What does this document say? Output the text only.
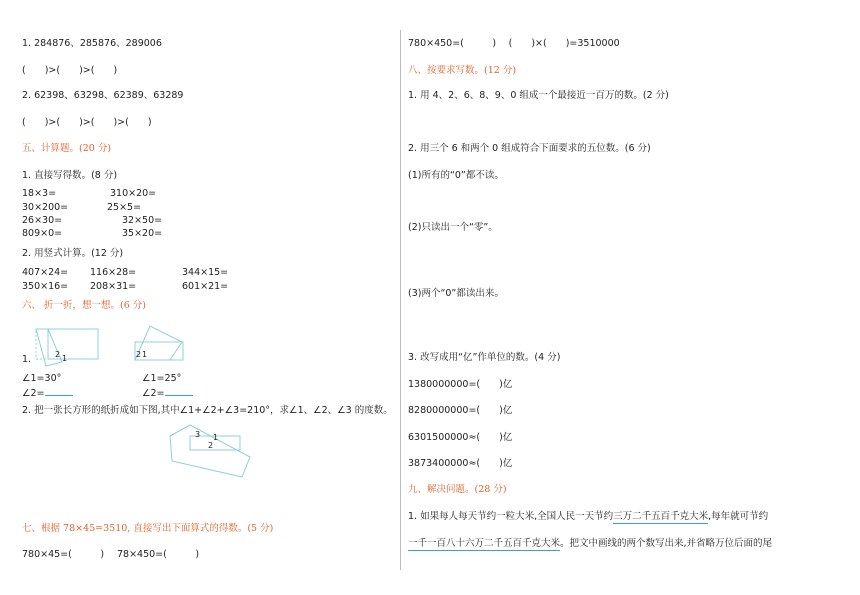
1. 284876、285876、289006
(　　)>(　　)>(　　)
2. 62398、63298、62389、63289
(　　)>(　　)>(　　)>(　　)
五、计算题。(20 分)
1. 直接写得数。(8 分)
18×3=	310×20=
30×200=	25×5=
26×30=	32×50=
809×0=	35×20=
2. 用竖式计算。(12 分)
407×24= 116×28=	344×15=
350×16= 208×31=	601×21=
六、 折一折，想一想。(6 分)
2 1
1.	2 1
∠1=30°	∠1=25°
∠2=	∠2=
2. 把一张长方形的纸折成如下图,其中∠1+∠2+∠3=210°，求∠1、∠2、∠3 的度数。
3 1
2
七、根据 78×45=3510, 直接写出下面算式的得数。(5 分)
780×45=(　　　) 78×450=(　　　)
780×450=(　　　)　 (　　)×(　　)=3510000
八、按要求写数。(12 分)
1. 用 4、2、6、8、9、0 组成一个最接近一百万的数。(2 分)
2. 用三个 6 和两个 0 组成符合下面要求的五位数。(6 分)
(1)所有的“0”都不读。
(2)只读出一个“零”。
(3)两个“0”都读出来。
3. 改写成用“亿”作单位的数。(4 分)
1380000000=(　　)亿
8280000000=(　　)亿
6301500000≈(　　)亿
3873400000≈(　　)亿
九、解决问题。(28 分)
1. 如果每人每天节约一粒大米,全国人民一天节约三万二千五百千克大米,每年就可节约
一千一百八十六万二千五百千克大米。把文中画线的两个数写出来,并省略万位后面的尾
